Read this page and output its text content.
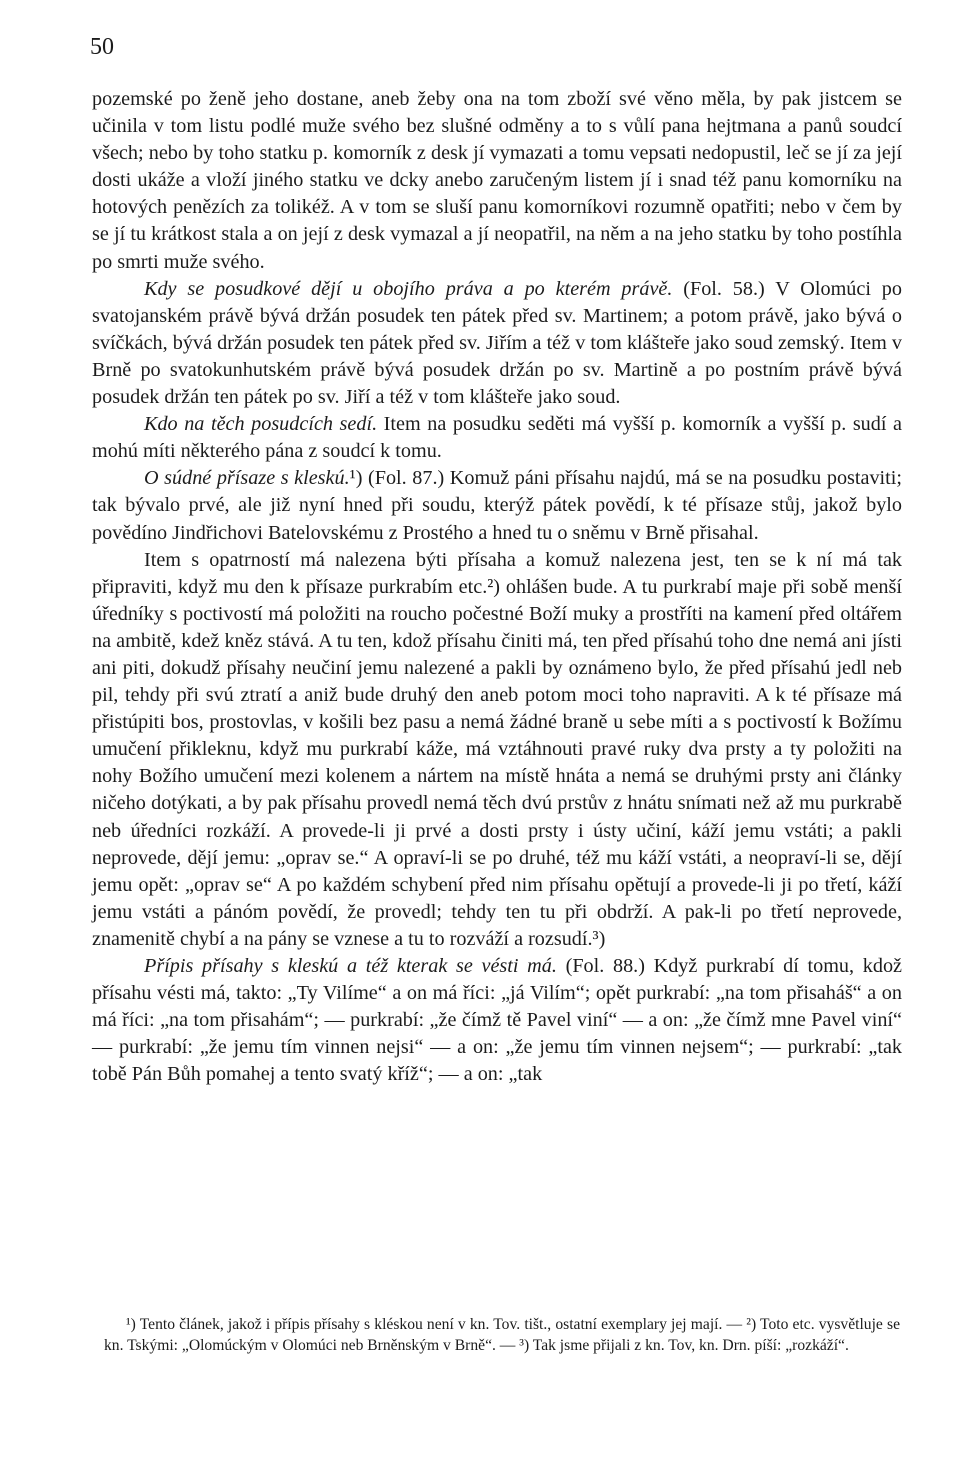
50

pozemské po ženě jeho dostane, aneb žeby ona na tom zboží své věno měla, by pak jistcem se učinila v tom listu podlé muže svého bez slušné odměny a to s vůlí pana hejtmana a panů soudcí všech; nebo by toho statku p. komorník z desk jí vymazati a tomu vepsati nedopustil, leč se jí za její dosti ukáže a vloží jiného statku ve dcky anebo zaručeným listem jí i snad též panu komorníku na hotových penězích za tolikéž. A v tom se sluší panu komorníkovi rozumně opatřiti; nebo v čem by se jí tu krátkost stala a on její z desk vymazal a jí neopatřil, na něm a na jeho statku by toho postíhla po smrti muže svého.

Kdy se posudkové dějí u obojího práva a po kterém právě. (Fol. 58.) V Olomúci po svatojanském právě bývá držán posudek ten pátek před sv. Martinem; a potom právě, jako bývá o svíčkách, bývá držán posudek ten pátek před sv. Jiřím a též v tom klášteře jako soud zemský. Item v Brně po svatokunhutském právě bývá posudek držán po sv. Martině a po postním právě bývá posudek držán ten pátek po sv. Jiří a též v tom klášteře jako soud.

Kdo na těch posudcích sedí. Item na posudku seděti má vyšší p. komorník a vyšší p. sudí a mohú míti některého pána z soudcí k tomu.

O súdné přísaze s kleskú.¹) (Fol. 87.) Komuž páni přísahu najdú, má se na posudku postaviti; tak bývalo prvé, ale již nyní hned při soudu, kterýž pátek povědí, k té přísaze stůj, jakož bylo povědíno Jindřichovi Batelovskému z Prostého a hned tu o sněmu v Brně přisahal.

Item s opatrností má nalezena býti přísaha a komuž nalezena jest, ten se k ní má tak připraviti, když mu den k přísaze purkrabím etc.²) ohlášen bude. A tu purkrabí maje při sobě menší úředníky s poctivostí má položiti na roucho počestné Boží muky a prostříti na kamení před oltářem na ambitě, kdež kněz stává. A tu ten, kdož přísahu činiti má, ten před přísahú toho dne nemá ani jísti ani piti, dokudž přísahy neučiní jemu nalezené a pakli by oznámeno bylo, že před přísahú jedl neb pil, tehdy při svú ztratí a aniž bude druhý den aneb potom moci toho napraviti. A k té přísaze má přistúpiti bos, prostovlas, v košili bez pasu a nemá žádné braně u sebe míti a s poctivostí k Božímu umučení přikleknu, když mu purkrabí káže, má vztáhnouti pravé ruky dva prsty a ty položiti na nohy Božího umučení mezi kolenem a nártem na místě hnáta a nemá se druhými prsty ani články ničeho dotýkati, a by pak přísahu provedl nemá těch dvú prstův z hnátu snímati než až mu purkrabě neb úředníci rozkáží. A provede-li ji prvé a dosti prsty i ústy učiní, káží jemu vstáti; a pakli neprovede, dějí jemu: „oprav se.“ A opraví-li se po druhé, též mu káží vstáti, a neopraví-li se, dějí jemu opět: „oprav se“ A po každém schybení před nim přísahu opětují a provede-li ji po třetí, káží jemu vstáti a pánóm povědí, že provedl; tehdy ten tu při obdrží. A pak-li po třetí neprovede, znamenitě chybí a na pány se vznese a tu to rozváží a rozsudí.³)

Přípis přísahy s kleskú a též kterak se vésti má. (Fol. 88.) Když purkrabí dí tomu, kdož přísahu vésti má, takto: „Ty Vilíme“ a on má říci: „já Vilím“; opět purkrabí: „na tom přisaháš“ a on má říci: „na tom přisahám“; — purkrabí: „že čímž tě Pavel viní“ — a on: „že čímž mne Pavel viní“ — purkrabí: „že jemu tím vinnen nejsi“ — a on: „že jemu tím vinnen nejsem“; — purkrabí: „tak tobě Pán Bůh pomahej a tento svatý kříž“; — a on: „tak

¹) Tento článek, jakož i přípis přísahy s kléskou není v kn. Tov. tišt., ostatní exemplary jej mají. — ²) Toto etc. vysvětluje se kn. Tskými: „Olomúckým v Olomúci neb Brněnským v Brně“. — ³) Tak jsme přijali z kn. Tov, kn. Drn. píší: „rozkáží“.
